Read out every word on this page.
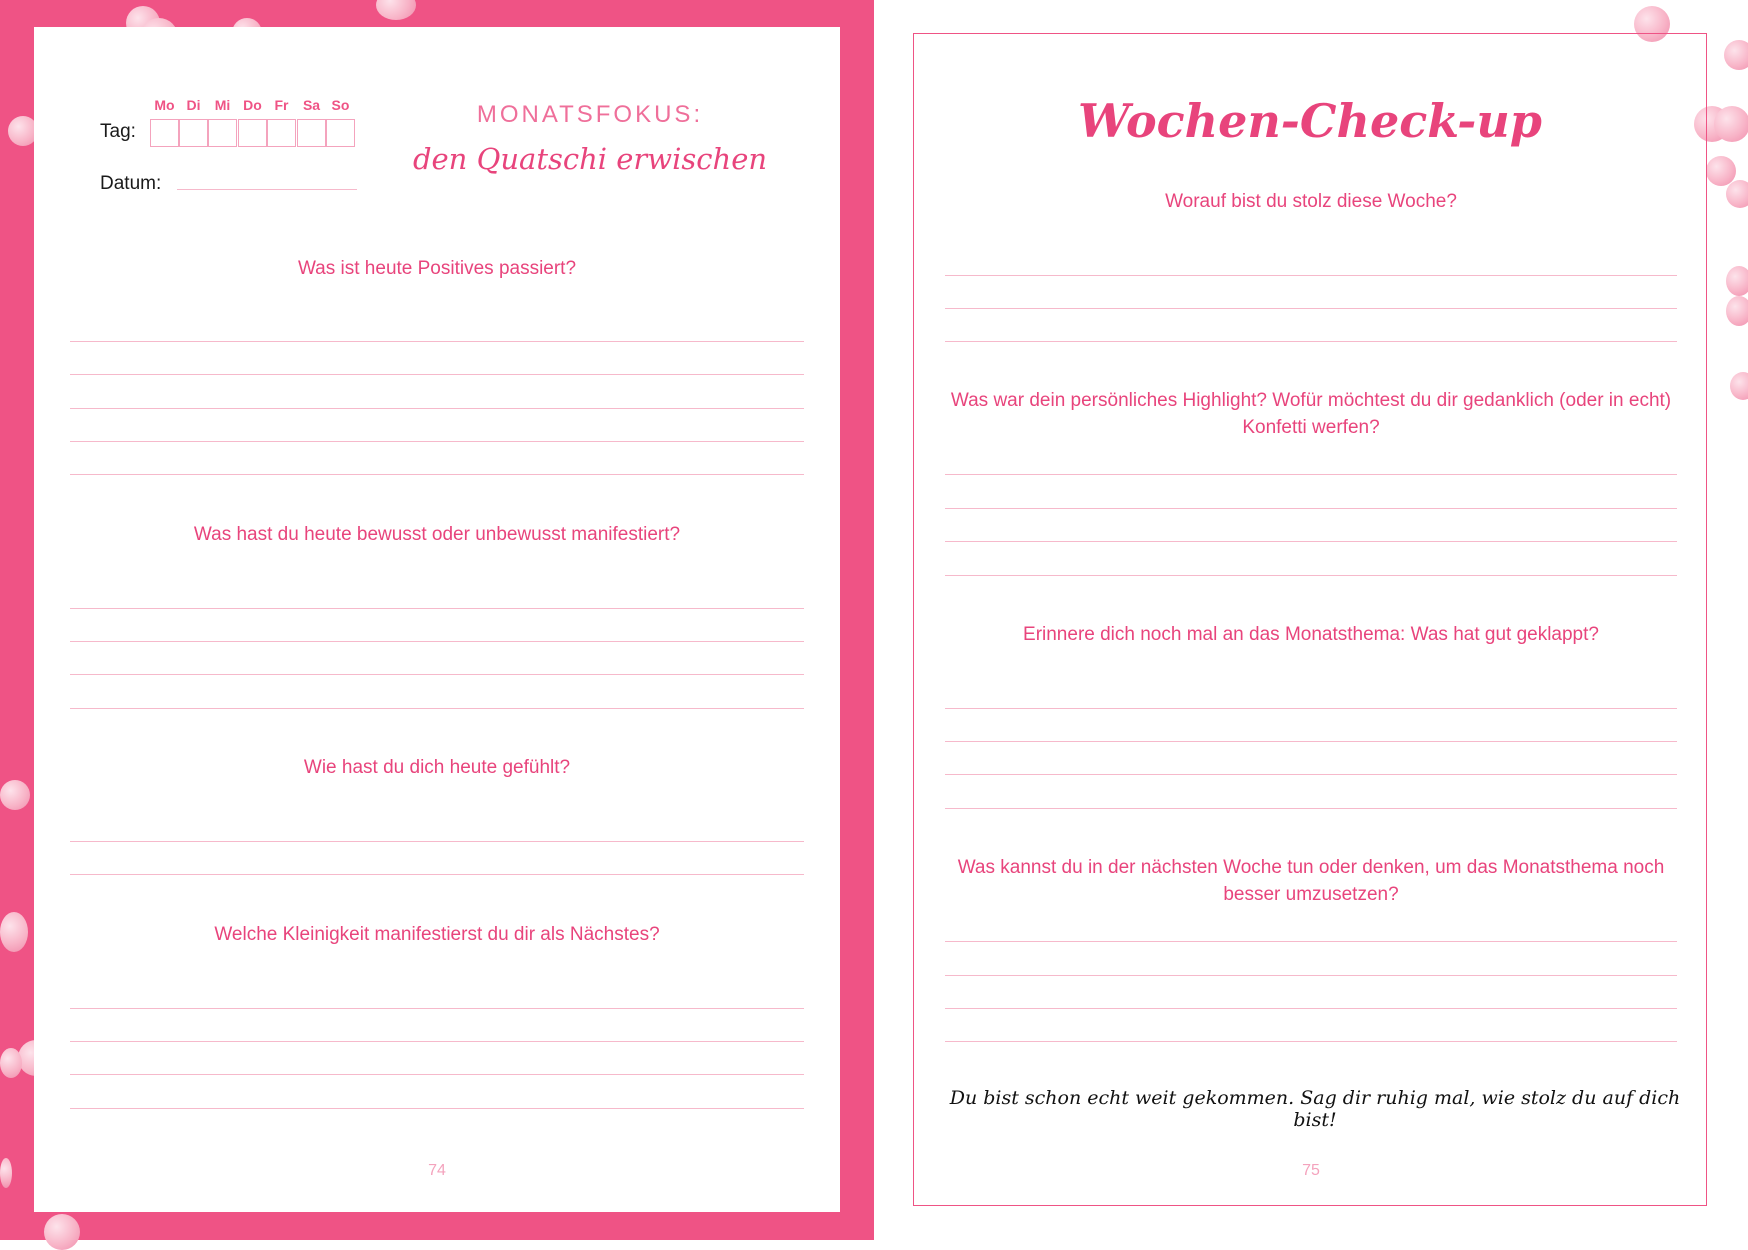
Tag:
Datum:
Mo Di	Mi Do Fr	Sa So	MONATSFOKUS:
den Quatschi erwischen
Was ist heute Positives passiert?
Was hast du heute bewusst oder unbewusst manifestiert?
Wie hast du dich heute gefühlt?
Welche Kleinigkeit manifestierst du dir als Nächstes?
74
Wochen-Check-up
Worauf bist du stolz diese Woche?
Was war dein persönliches Highlight? Wofür möchtest du dir gedanklich (oder in echt) Konfetti werfen?
Erinnere dich noch mal an das Monatsthema: Was hat gut geklappt?
Was kannst du in der nächsten Woche tun oder denken, um das Monatsthema noch besser umzusetzen?
Du bist schon echt weit gekommen. Sag dir ruhig mal, wie stolz du auf dich bist!
75
